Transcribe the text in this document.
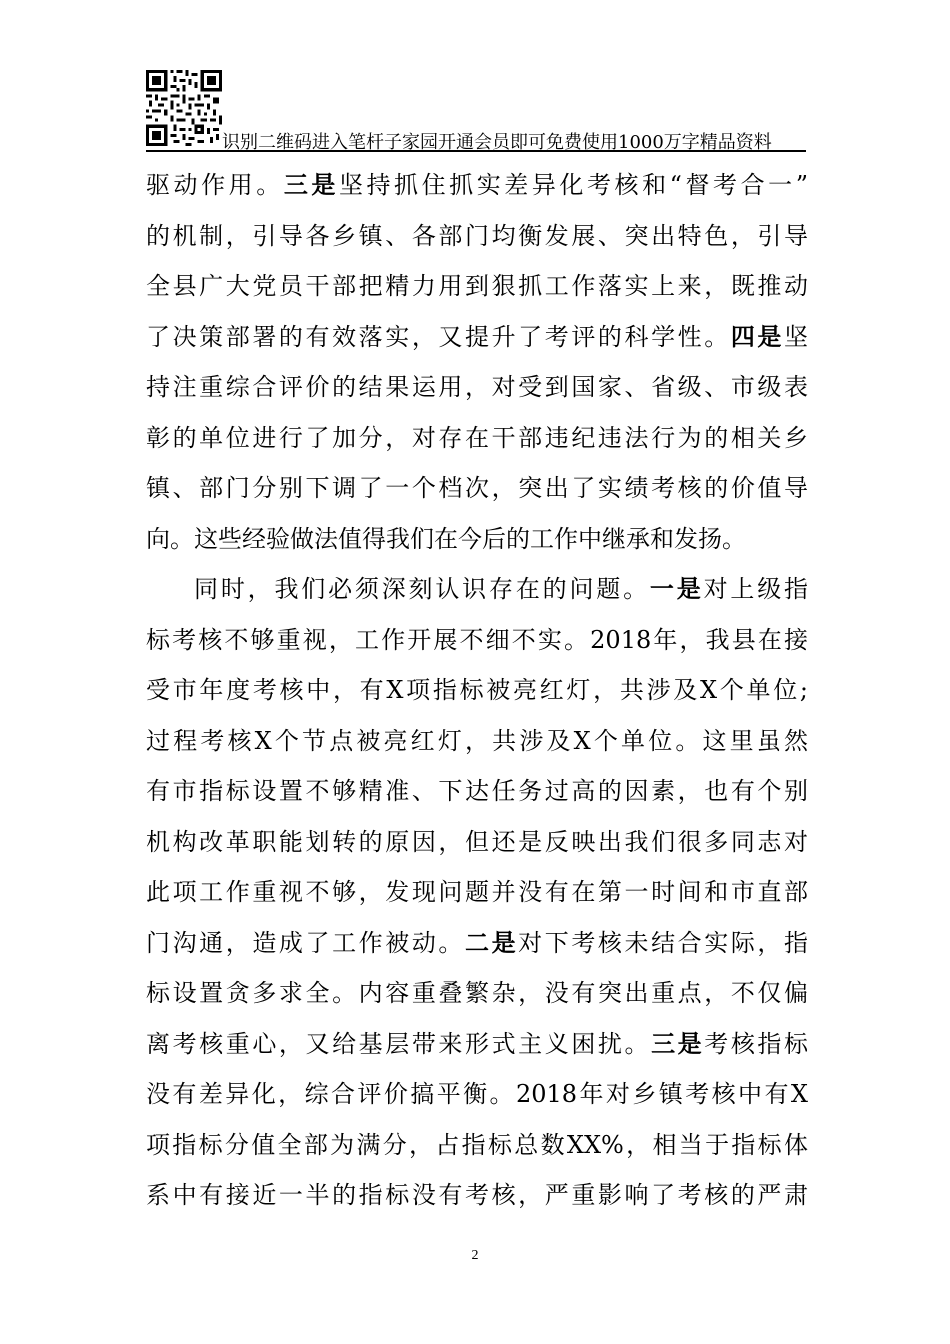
识别二维码进入笔杆子家园开通会员即可免费使用1000万字精品资料
驱动作用。三是坚持抓住抓实差异化考核和“督考合一”
的机制，引导各乡镇、各部门均衡发展、突出特色，引导
全县广大党员干部把精力用到狠抓工作落实上来，既推动
了决策部署的有效落实，又提升了考评的科学性。四是坚
持注重综合评价的结果运用，对受到国家、省级、市级表
彰的单位进行了加分，对存在干部违纪违法行为的相关乡
镇、部门分别下调了一个档次，突出了实绩考核的价值导
向。这些经验做法值得我们在今后的工作中继承和发扬。
同时，我们必须深刻认识存在的问题。一是对上级指
标考核不够重视，工作开展不细不实。2018年，我县在接
受市年度考核中，有X项指标被亮红灯，共涉及X个单位;
过程考核X个节点被亮红灯，共涉及X个单位。这里虽然
有市指标设置不够精准、下达任务过高的因素，也有个别
机构改革职能划转的原因，但还是反映出我们很多同志对
此项工作重视不够，发现问题并没有在第一时间和市直部
门沟通，造成了工作被动。二是对下考核未结合实际，指
标设置贪多求全。内容重叠繁杂，没有突出重点，不仅偏
离考核重心，又给基层带来形式主义困扰。三是考核指标
没有差异化，综合评价搞平衡。2018年对乡镇考核中有X
项指标分值全部为满分，占指标总数XX%，相当于指标体
系中有接近一半的指标没有考核，严重影响了考核的严肃
2
